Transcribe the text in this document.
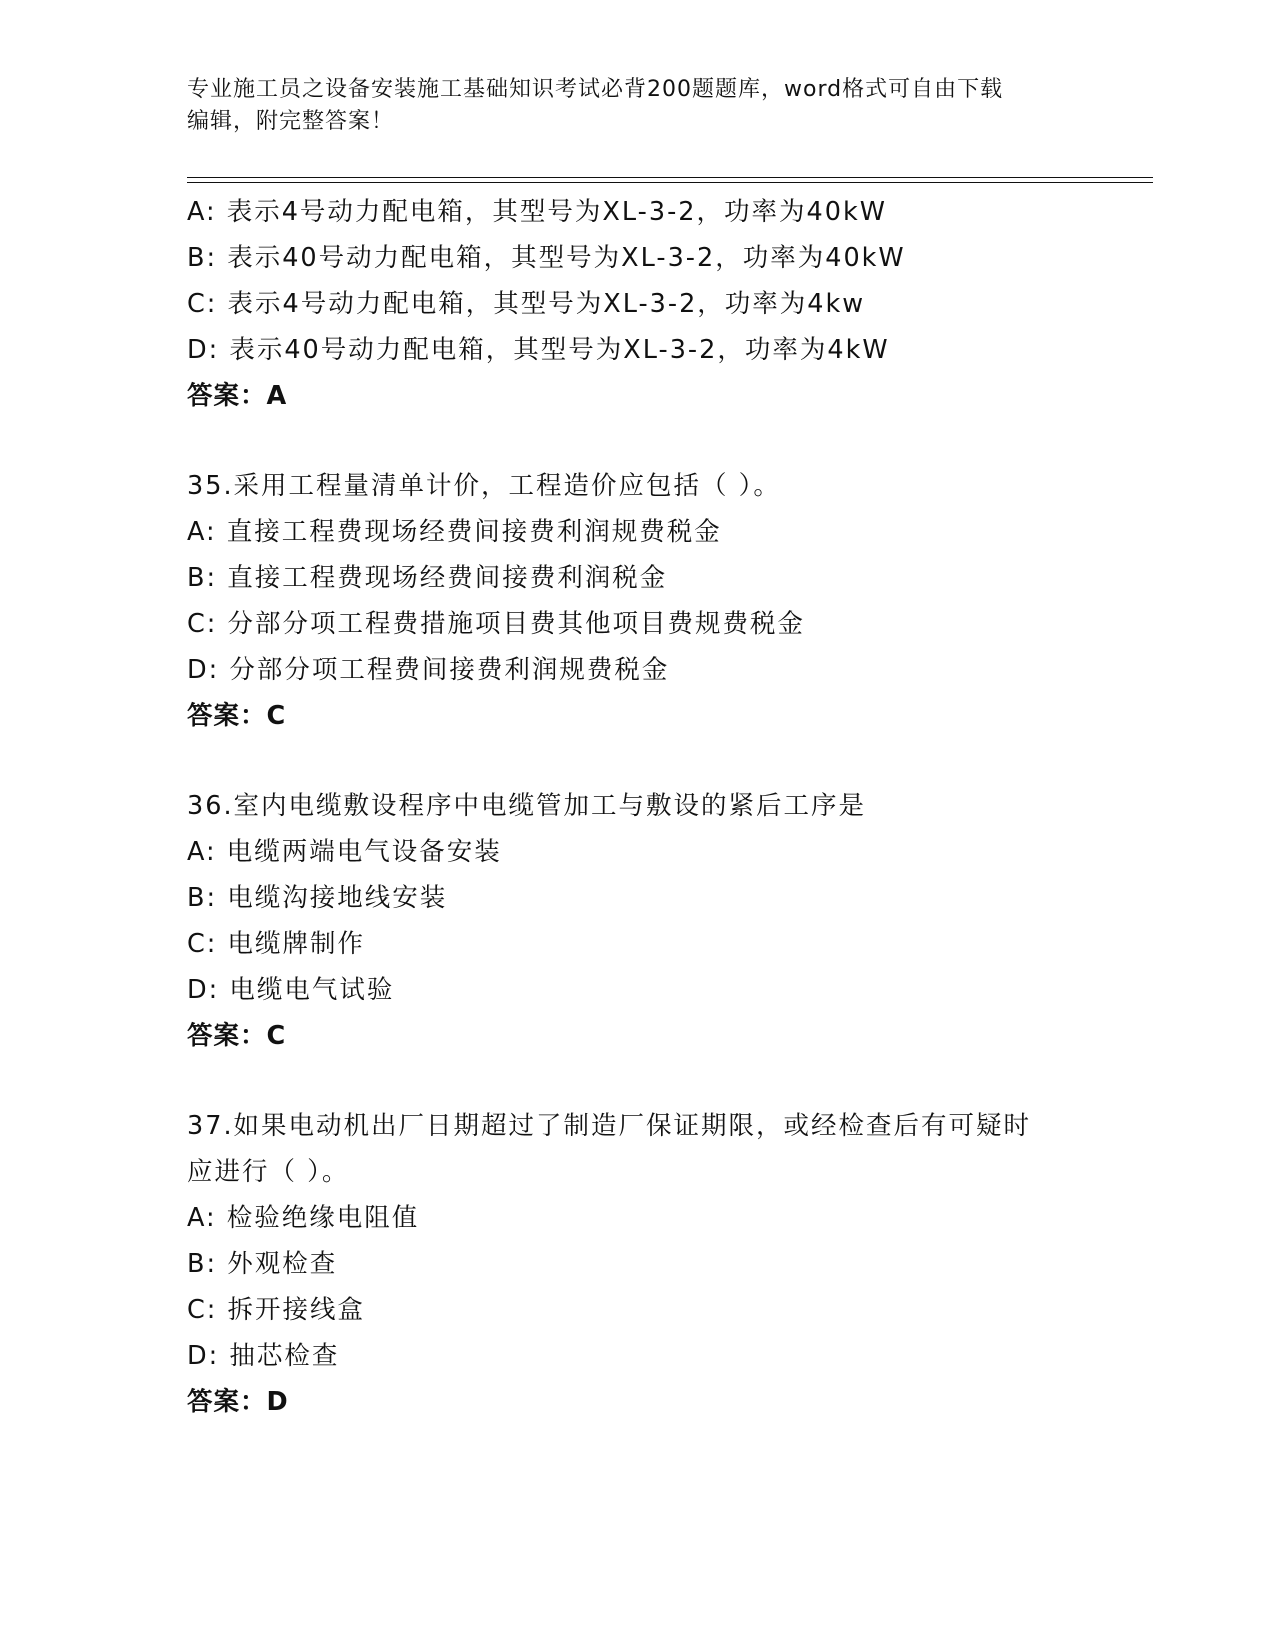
专业施工员之设备安装施工基础知识考试必背200题题库，word格式可自由下载
编辑，附完整答案！
A: 表示4号动力配电箱，其型号为XL-3-2，功率为40kW
B: 表示40号动力配电箱，其型号为XL-3-2，功率为40kW
C: 表示4号动力配电箱，其型号为XL-3-2，功率为4kw
D: 表示40号动力配电箱，其型号为XL-3-2，功率为4kW
答案：A
35.采用工程量清单计价，工程造价应包括（ ）。
A: 直接工程费现场经费间接费利润规费税金
B: 直接工程费现场经费间接费利润税金
C: 分部分项工程费措施项目费其他项目费规费税金
D: 分部分项工程费间接费利润规费税金
答案：C
36.室内电缆敷设程序中电缆管加工与敷设的紧后工序是
A: 电缆两端电气设备安装
B: 电缆沟接地线安装
C: 电缆牌制作
D: 电缆电气试验
答案：C
37.如果电动机出厂日期超过了制造厂保证期限，或经检查后有可疑时
应进行（ ）。
A: 检验绝缘电阻值
B: 外观检查
C: 拆开接线盒
D: 抽芯检查
答案：D
